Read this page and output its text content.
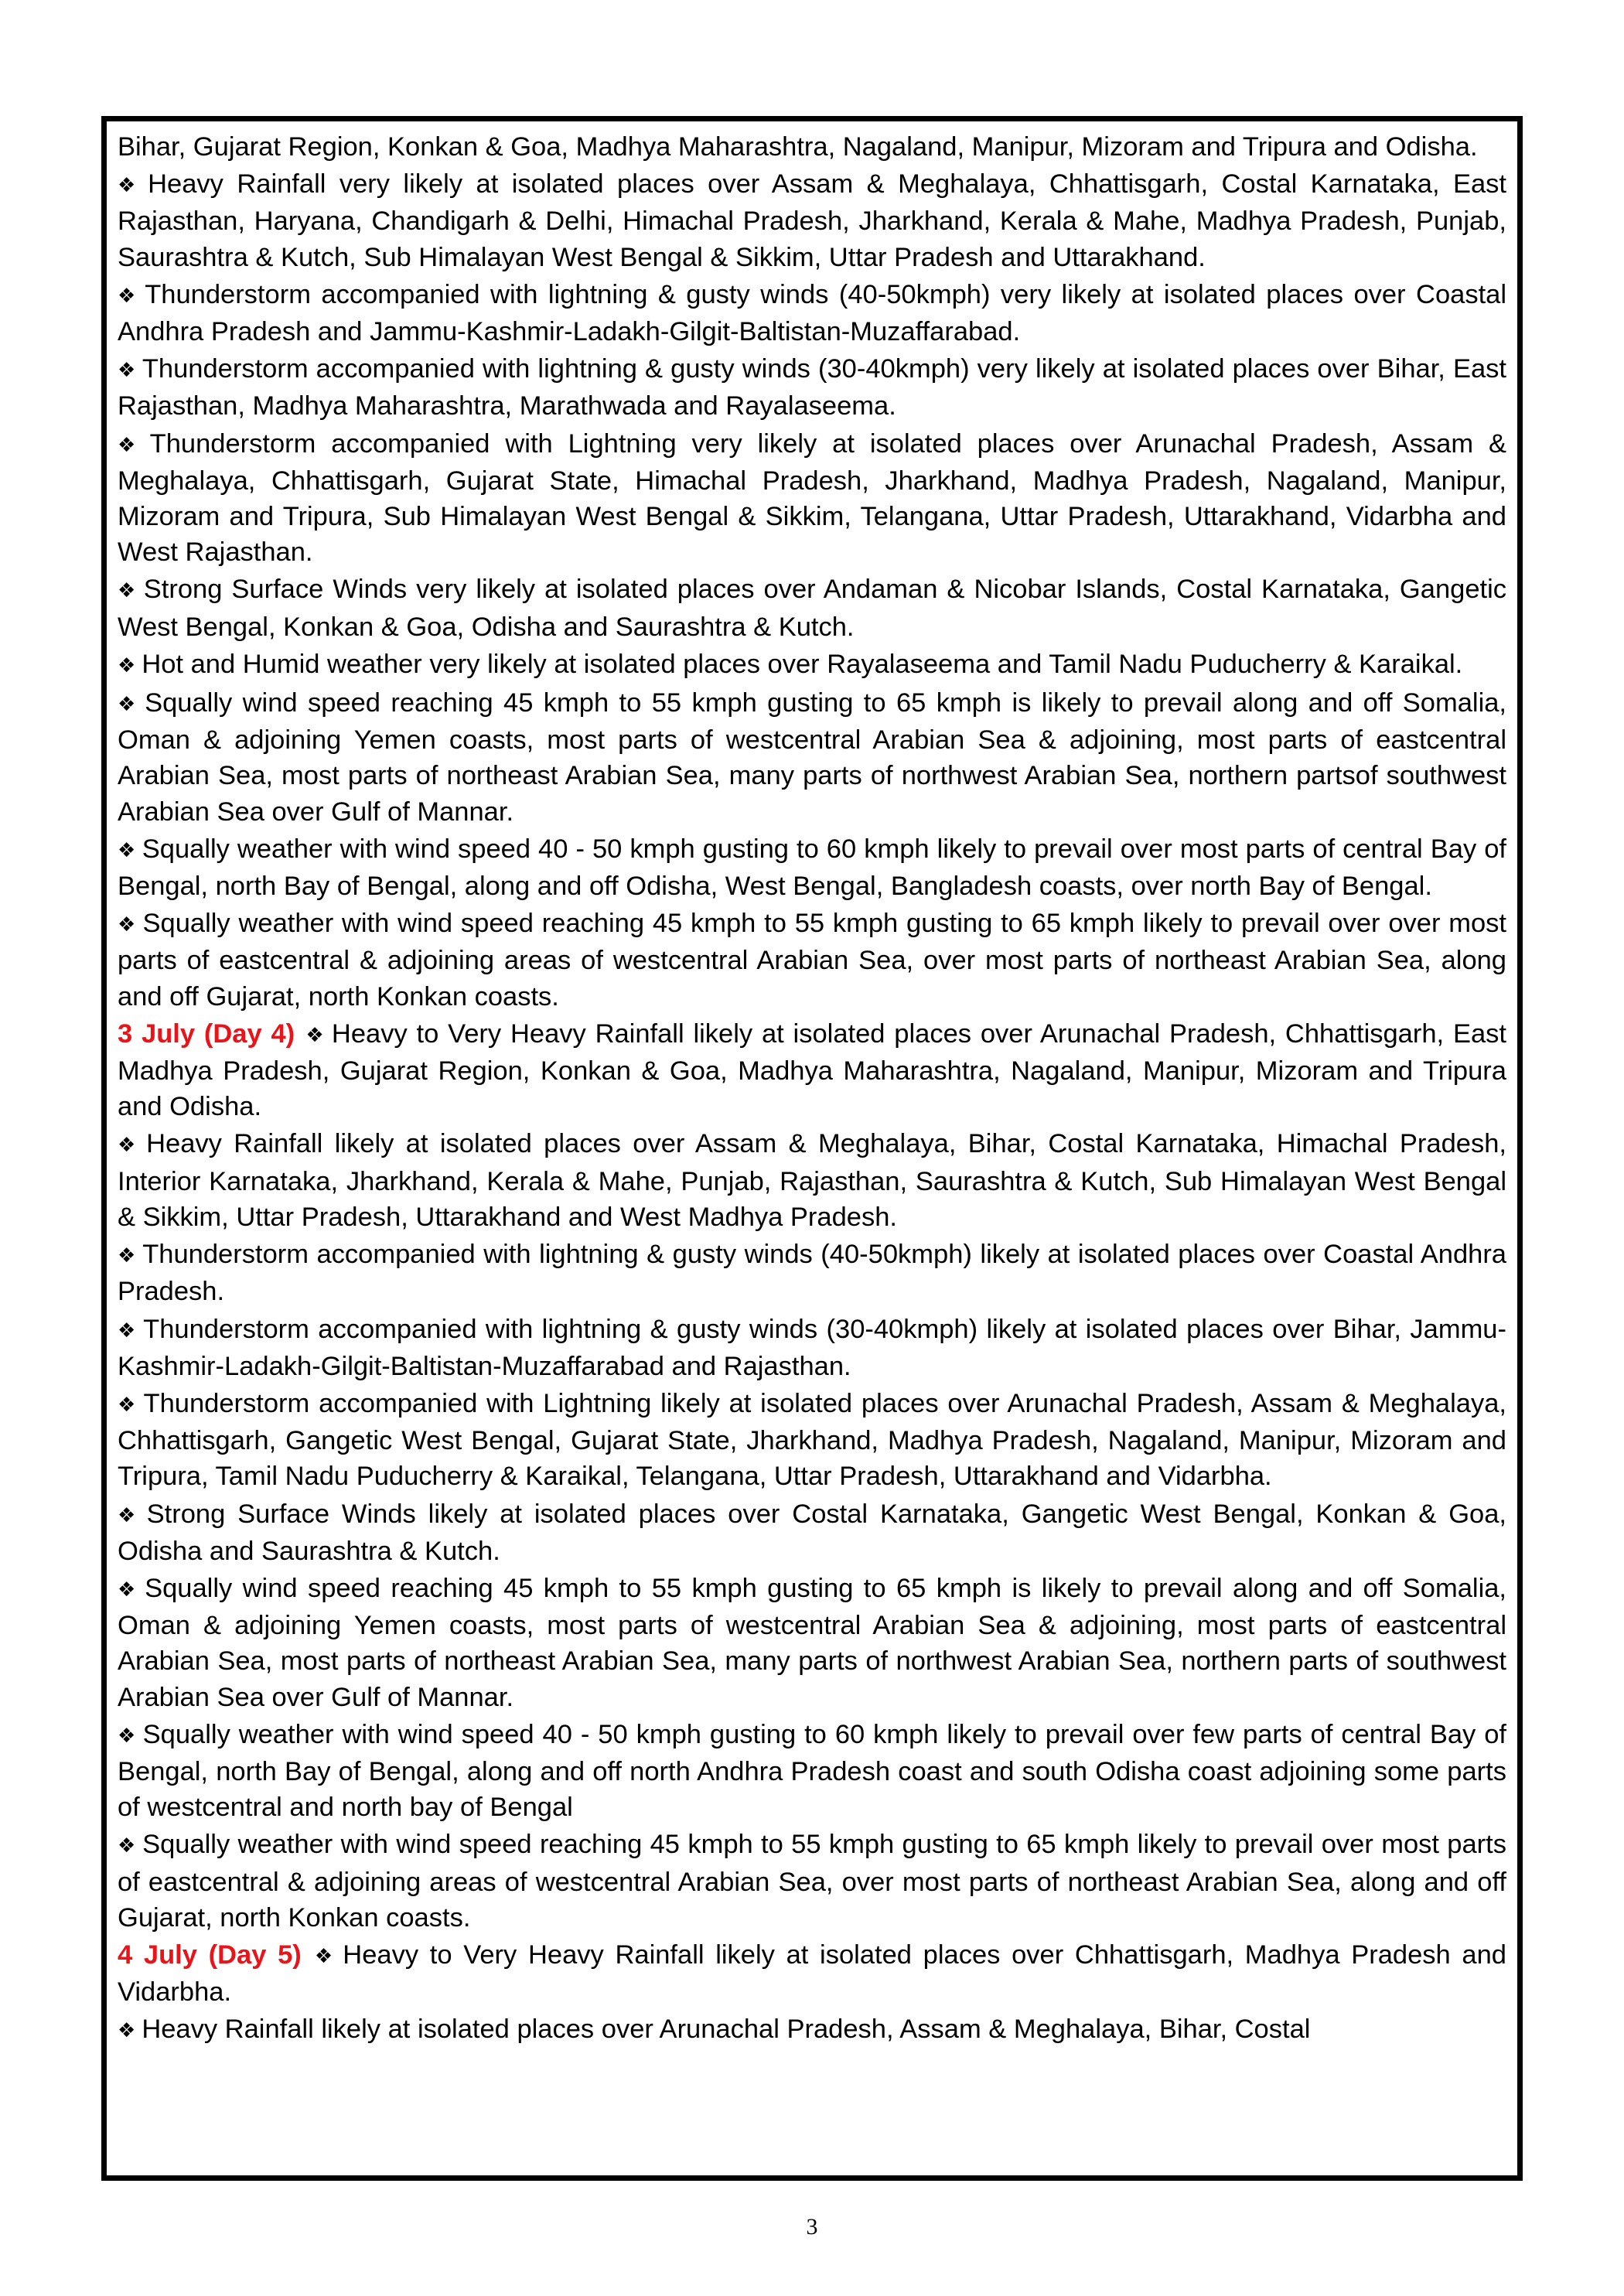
Bihar, Gujarat Region, Konkan & Goa, Madhya Maharashtra, Nagaland, Manipur, Mizoram and Tripura and Odisha.
❖ Heavy Rainfall very likely at isolated places over Assam & Meghalaya, Chhattisgarh, Costal Karnataka, East Rajasthan, Haryana, Chandigarh & Delhi, Himachal Pradesh, Jharkhand, Kerala & Mahe, Madhya Pradesh, Punjab, Saurashtra & Kutch, Sub Himalayan West Bengal & Sikkim, Uttar Pradesh and Uttarakhand.
❖ Thunderstorm accompanied with lightning & gusty winds (40-50kmph) very likely at isolated places over Coastal Andhra Pradesh and Jammu-Kashmir-Ladakh-Gilgit-Baltistan-Muzaffarabad.
❖ Thunderstorm accompanied with lightning & gusty winds (30-40kmph) very likely at isolated places over Bihar, East Rajasthan, Madhya Maharashtra, Marathwada and Rayalaseema.
❖ Thunderstorm accompanied with Lightning very likely at isolated places over Arunachal Pradesh, Assam & Meghalaya, Chhattisgarh, Gujarat State, Himachal Pradesh, Jharkhand, Madhya Pradesh, Nagaland, Manipur, Mizoram and Tripura, Sub Himalayan West Bengal & Sikkim, Telangana, Uttar Pradesh, Uttarakhand, Vidarbha and West Rajasthan.
❖ Strong Surface Winds very likely at isolated places over Andaman & Nicobar Islands, Costal Karnataka, Gangetic West Bengal, Konkan & Goa, Odisha and Saurashtra & Kutch.
❖ Hot and Humid weather very likely at isolated places over Rayalaseema and Tamil Nadu Puducherry & Karaikal.
❖ Squally wind speed reaching 45 kmph to 55 kmph gusting to 65 kmph is likely to prevail along and off Somalia, Oman & adjoining Yemen coasts, most parts of westcentral Arabian Sea & adjoining, most parts of eastcentral Arabian Sea, most parts of northeast Arabian Sea, many parts of northwest Arabian Sea, northern partsof southwest Arabian Sea over Gulf of Mannar.
❖ Squally weather with wind speed 40 - 50 kmph gusting to 60 kmph likely to prevail over most parts of central Bay of Bengal, north Bay of Bengal, along and off Odisha, West Bengal, Bangladesh coasts, over north Bay of Bengal.
❖ Squally weather with wind speed reaching 45 kmph to 55 kmph gusting to 65 kmph likely to prevail over over most parts of eastcentral & adjoining areas of westcentral Arabian Sea, over most parts of northeast Arabian Sea, along and off Gujarat, north Konkan coasts.
3 July (Day 4) ❖ Heavy to Very Heavy Rainfall likely at isolated places over Arunachal Pradesh, Chhattisgarh, East Madhya Pradesh, Gujarat Region, Konkan & Goa, Madhya Maharashtra, Nagaland, Manipur, Mizoram and Tripura and Odisha.
❖ Heavy Rainfall likely at isolated places over Assam & Meghalaya, Bihar, Costal Karnataka, Himachal Pradesh, Interior Karnataka, Jharkhand, Kerala & Mahe, Punjab, Rajasthan, Saurashtra & Kutch, Sub Himalayan West Bengal & Sikkim, Uttar Pradesh, Uttarakhand and West Madhya Pradesh.
❖ Thunderstorm accompanied with lightning & gusty winds (40-50kmph) likely at isolated places over Coastal Andhra Pradesh.
❖ Thunderstorm accompanied with lightning & gusty winds (30-40kmph) likely at isolated places over Bihar, Jammu-Kashmir-Ladakh-Gilgit-Baltistan-Muzaffarabad and Rajasthan.
❖ Thunderstorm accompanied with Lightning likely at isolated places over Arunachal Pradesh, Assam & Meghalaya, Chhattisgarh, Gangetic West Bengal, Gujarat State, Jharkhand, Madhya Pradesh, Nagaland, Manipur, Mizoram and Tripura, Tamil Nadu Puducherry & Karaikal, Telangana, Uttar Pradesh, Uttarakhand and Vidarbha.
❖ Strong Surface Winds likely at isolated places over Costal Karnataka, Gangetic West Bengal, Konkan & Goa, Odisha and Saurashtra & Kutch.
❖ Squally wind speed reaching 45 kmph to 55 kmph gusting to 65 kmph is likely to prevail along and off Somalia, Oman & adjoining Yemen coasts, most parts of westcentral Arabian Sea & adjoining, most parts of eastcentral Arabian Sea, most parts of northeast Arabian Sea, many parts of northwest Arabian Sea, northern parts of southwest Arabian Sea over Gulf of Mannar.
❖ Squally weather with wind speed 40 - 50 kmph gusting to 60 kmph likely to prevail over few parts of central Bay of Bengal, north Bay of Bengal, along and off north Andhra Pradesh coast and south Odisha coast adjoining some parts of westcentral and north bay of Bengal
❖ Squally weather with wind speed reaching 45 kmph to 55 kmph gusting to 65 kmph likely to prevail over most parts of eastcentral & adjoining areas of westcentral Arabian Sea, over most parts of northeast Arabian Sea, along and off Gujarat, north Konkan coasts.
4 July (Day 5) ❖ Heavy to Very Heavy Rainfall likely at isolated places over Chhattisgarh, Madhya Pradesh and Vidarbha.
❖ Heavy Rainfall likely at isolated places over Arunachal Pradesh, Assam & Meghalaya, Bihar, Costal
3
